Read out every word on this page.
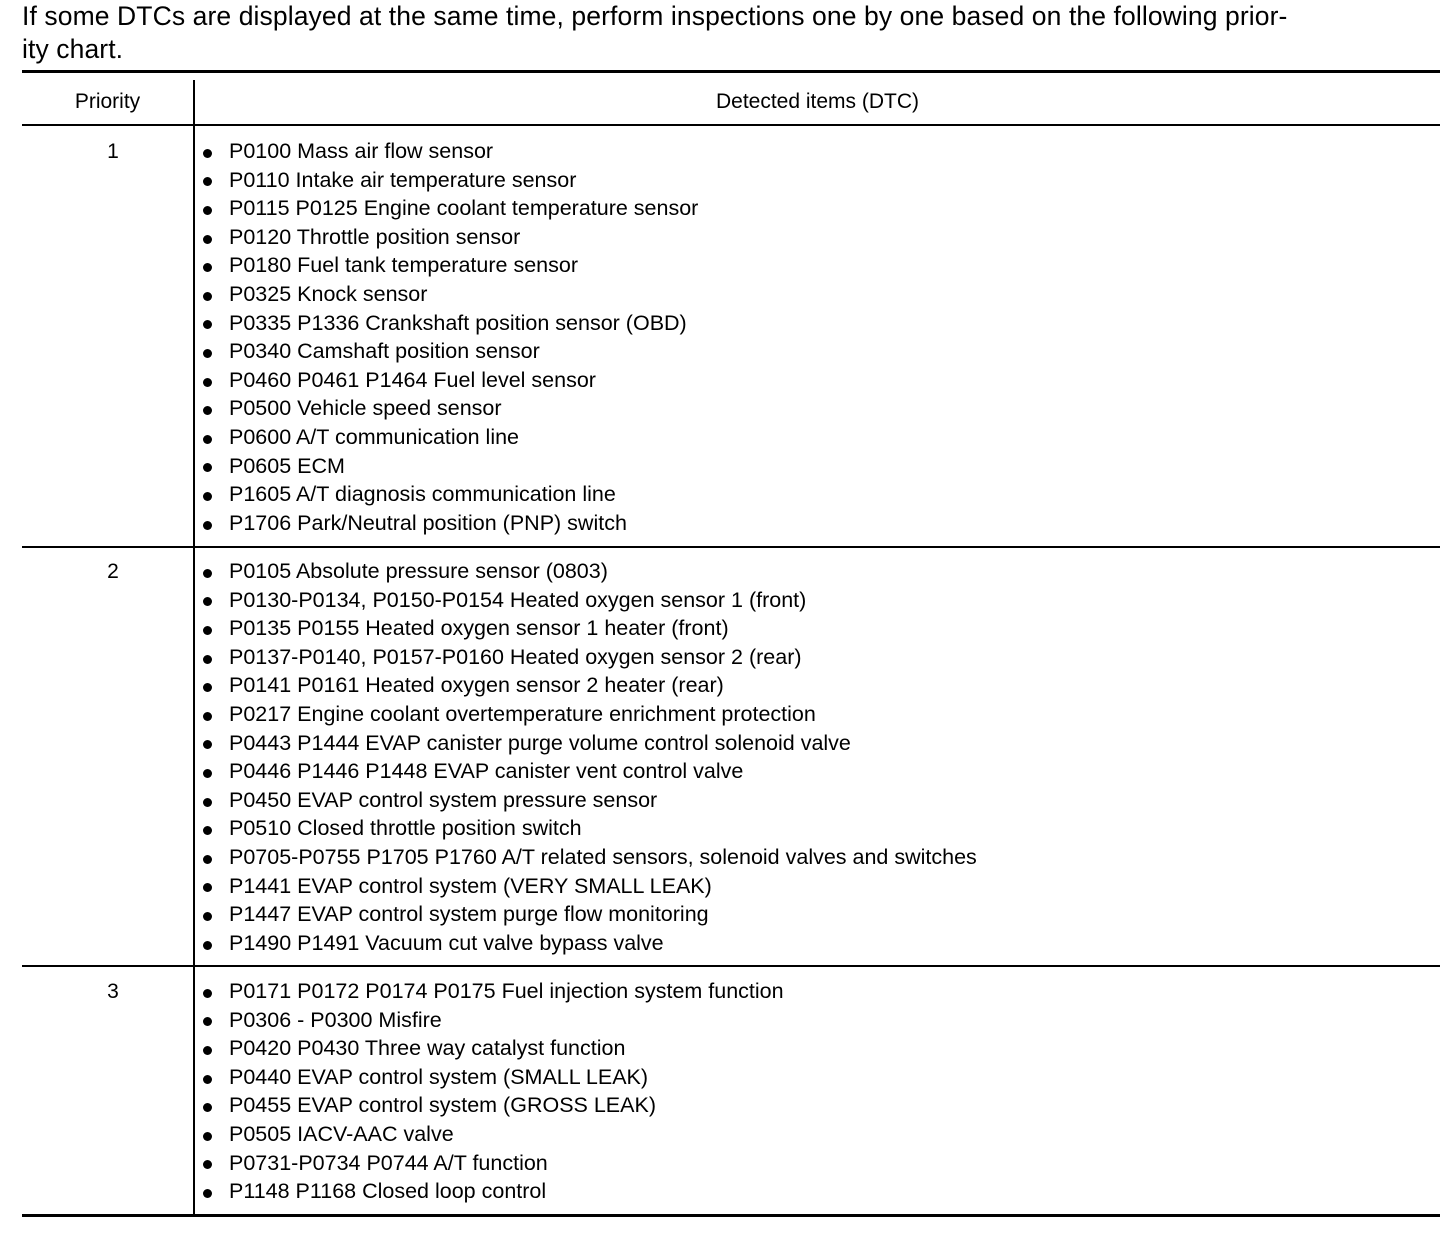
If some DTCs are displayed at the same time, perform inspections one by one based on the following prior-
ity chart.
Priority	Detected items (DTC)
1	P0100 Mass air flow sensor
P0110 Intake air temperature sensor
P0115 P0125 Engine coolant temperature sensor
P0120 Throttle position sensor
P0180 Fuel tank temperature sensor
P0325 Knock sensor
P0335 P1336 Crankshaft position sensor (OBD)
P0340 Camshaft position sensor
P0460 P0461 P1464 Fuel level sensor
P0500 Vehicle speed sensor
P0600 A/T communication line
P0605 ECM
P1605 A/T diagnosis communication line
P1706 Park/Neutral position (PNP) switch
2	P0105 Absolute pressure sensor (0803)
P0130-P0134, P0150-P0154 Heated oxygen sensor 1 (front)
P0135 P0155 Heated oxygen sensor 1 heater (front)
P0137-P0140, P0157-P0160 Heated oxygen sensor 2 (rear)
P0141 P0161 Heated oxygen sensor 2 heater (rear)
P0217 Engine coolant overtemperature enrichment protection
P0443 P1444 EVAP canister purge volume control solenoid valve
P0446 P1446 P1448 EVAP canister vent control valve
P0450 EVAP control system pressure sensor
P0510 Closed throttle position switch
P0705-P0755 P1705 P1760 A/T related sensors, solenoid valves and switches
P1441 EVAP control system (VERY SMALL LEAK)
P1447 EVAP control system purge flow monitoring
P1490 P1491 Vacuum cut valve bypass valve
3	P0171 P0172 P0174 P0175 Fuel injection system function
P0306 - P0300 Misfire
P0420 P0430 Three way catalyst function
P0440 EVAP control system (SMALL LEAK)
P0455 EVAP control system (GROSS LEAK)
P0505 IACV-AAC valve
P0731-P0734 P0744 A/T function
P1148 P1168 Closed loop control
